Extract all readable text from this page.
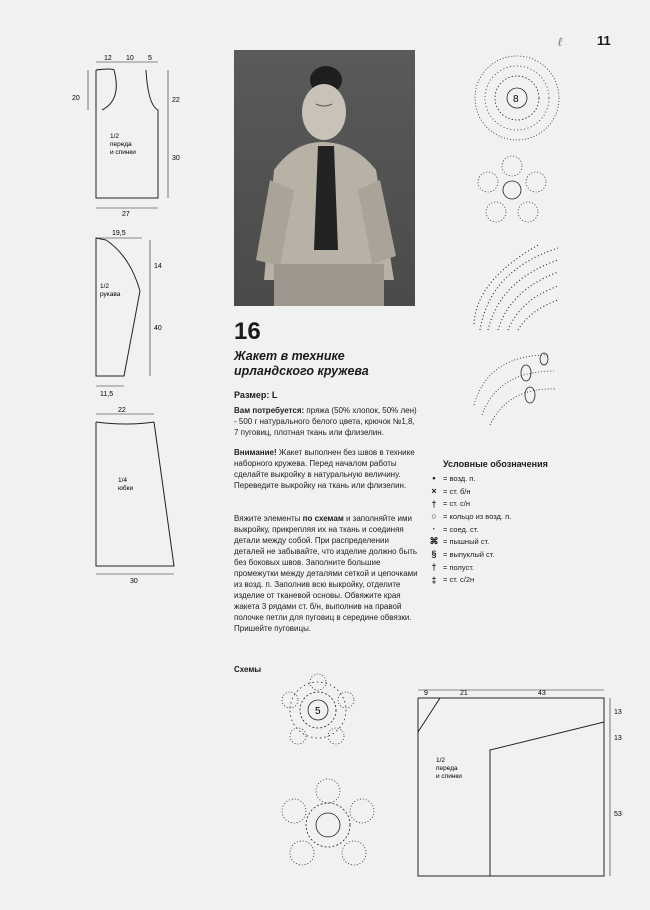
11
ℓ
12 10 5
20	22
30
27
1/2
переда
и спинки
19,5
14
40
11,5
1/2
рукава
22
30
1/4
юбки
16
Жакет в технике ирландского кружева
Размер: L
Вам потребуется: пряжа (50% хлопок, 50% лен) - 500 г натурального белого цвета, крючок №1,8, 7 пуговиц, плотная ткань или флизелин.
Внимание! Жакет выполнен без швов в технике наборного кружева. Перед началом работы сделайте выкройку в натуральную величину. Переведите выкройку на ткань или флизелин.
Вяжите элементы по схемам и заполняйте ими выкройку, прикрепляя их на ткань и соединяя детали между собой. При распределении деталей не забывайте, что изделие должно быть без боковых швов. Заполните большие промежутки между деталями сеткой и цепочками из возд. п. Заполнив всю выкройку, отделите изделие от тканевой основы. Обвяжите края жакета 3 рядами ст. б/н, выполнив на правой полочке петли для пуговиц в середине обвязки. Пришейте пуговицы.
Схемы
5
8
Условные обозначения
• = возд. п.
× = ст. б/н
† = ст. с/н
○ = кольцо из возд. п.
·	= соед. ст.
⌘ = пышный ст.
§ = выпуклый ст.
† = полуст.
‡ = ст. с/2н
9	21	43
13
13
53
1/2
переда
и спинки
